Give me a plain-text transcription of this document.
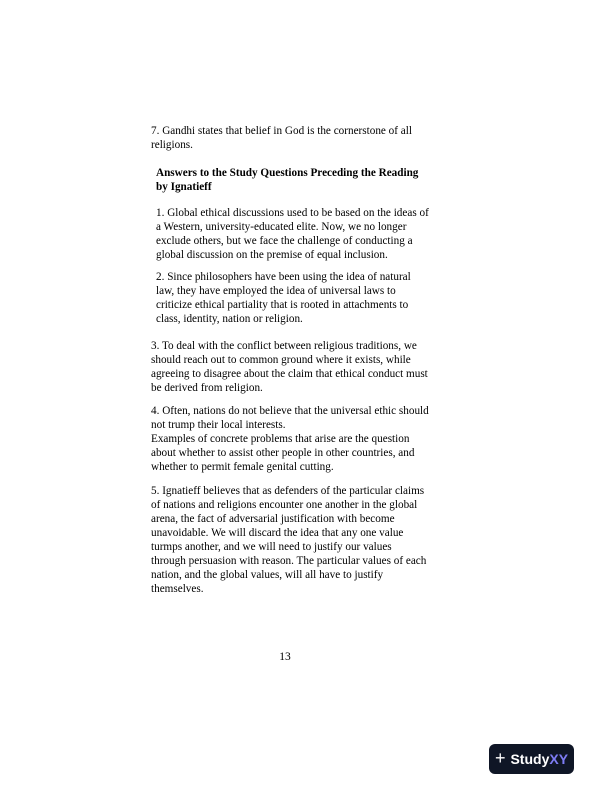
7. Gandhi states that belief in God is the cornerstone of all
religions.

Answers to the Study Questions Preceding the Reading
by Ignatieff

1. Global ethical discussions used to be based on the ideas of
a Western, university-educated elite. Now, we no longer
exclude others, but we face the challenge of conducting a
global discussion on the premise of equal inclusion.

2. Since philosophers have been using the idea of natural
law, they have employed the idea of universal laws to
criticize ethical partiality that is rooted in attachments to
class, identity, nation or religion.

3. To deal with the conflict between religious traditions, we
should reach out to common ground where it exists, while
agreeing to disagree about the claim that ethical conduct must
be derived from religion.

4. Often, nations do not believe that the universal ethic should
not trump their local interests.
Examples of concrete problems that arise are the question
about whether to assist other people in other countries, and
whether to permit female genital cutting.

5. Ignatieff believes that as defenders of the particular claims
of nations and religions encounter one another in the global
arena, the fact of adversarial justification with become
unavoidable. We will discard the idea that any one value
turmps another, and we will need to justify our values
through persuasion with reason. The particular values of each
nation, and the global values, will all have to justify
themselves.

13
+ StudyXY
